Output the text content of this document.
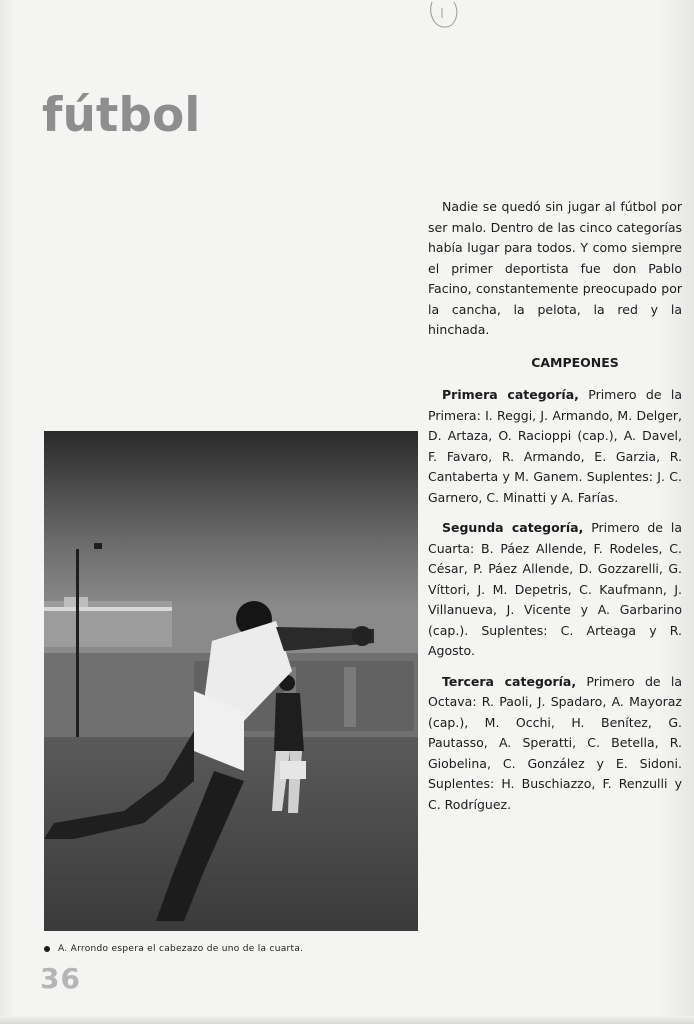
fútbol

Nadie se quedó sin jugar al fútbol por ser malo. Dentro de las cinco categorías había lugar para todos. Y como siempre el primer deportista fue don Pablo Facino, constantemente preocupado por la cancha, la pelota, la red y la hinchada.

CAMPEONES

Primera categoría, Primero de la Primera: I. Reggi, J. Armando, M. Delger, D. Artaza, O. Racioppi (cap.), A. Davel, F. Favaro, R. Armando, E. Garzia, R. Cantaberta y M. Ganem. Suplentes: J. C. Garnero, C. Minatti y A. Farías.

Segunda categoría, Primero de la Cuarta: B. Páez Allende, F. Rodeles, C. César, P. Páez Allende, D. Gozzarelli, G. Víttori, J. M. Depetris, C. Kaufmann, J. Villanueva, J. Vicente y A. Garbarino (cap.). Suplentes: C. Arteaga y R. Agosto.

Tercera categoría, Primero de la Octava: R. Paoli, J. Spadaro, A. Mayoraz (cap.), M. Occhi, H. Benítez, G. Pautasso, A. Speratti, C. Betella, R. Giobelina, C. González y E. Sidoni. Suplentes: H. Buschiazzo, F. Renzulli y C. Rodríguez.

A. Arrondo espera el cabezazo de uno de la cuarta.
36
